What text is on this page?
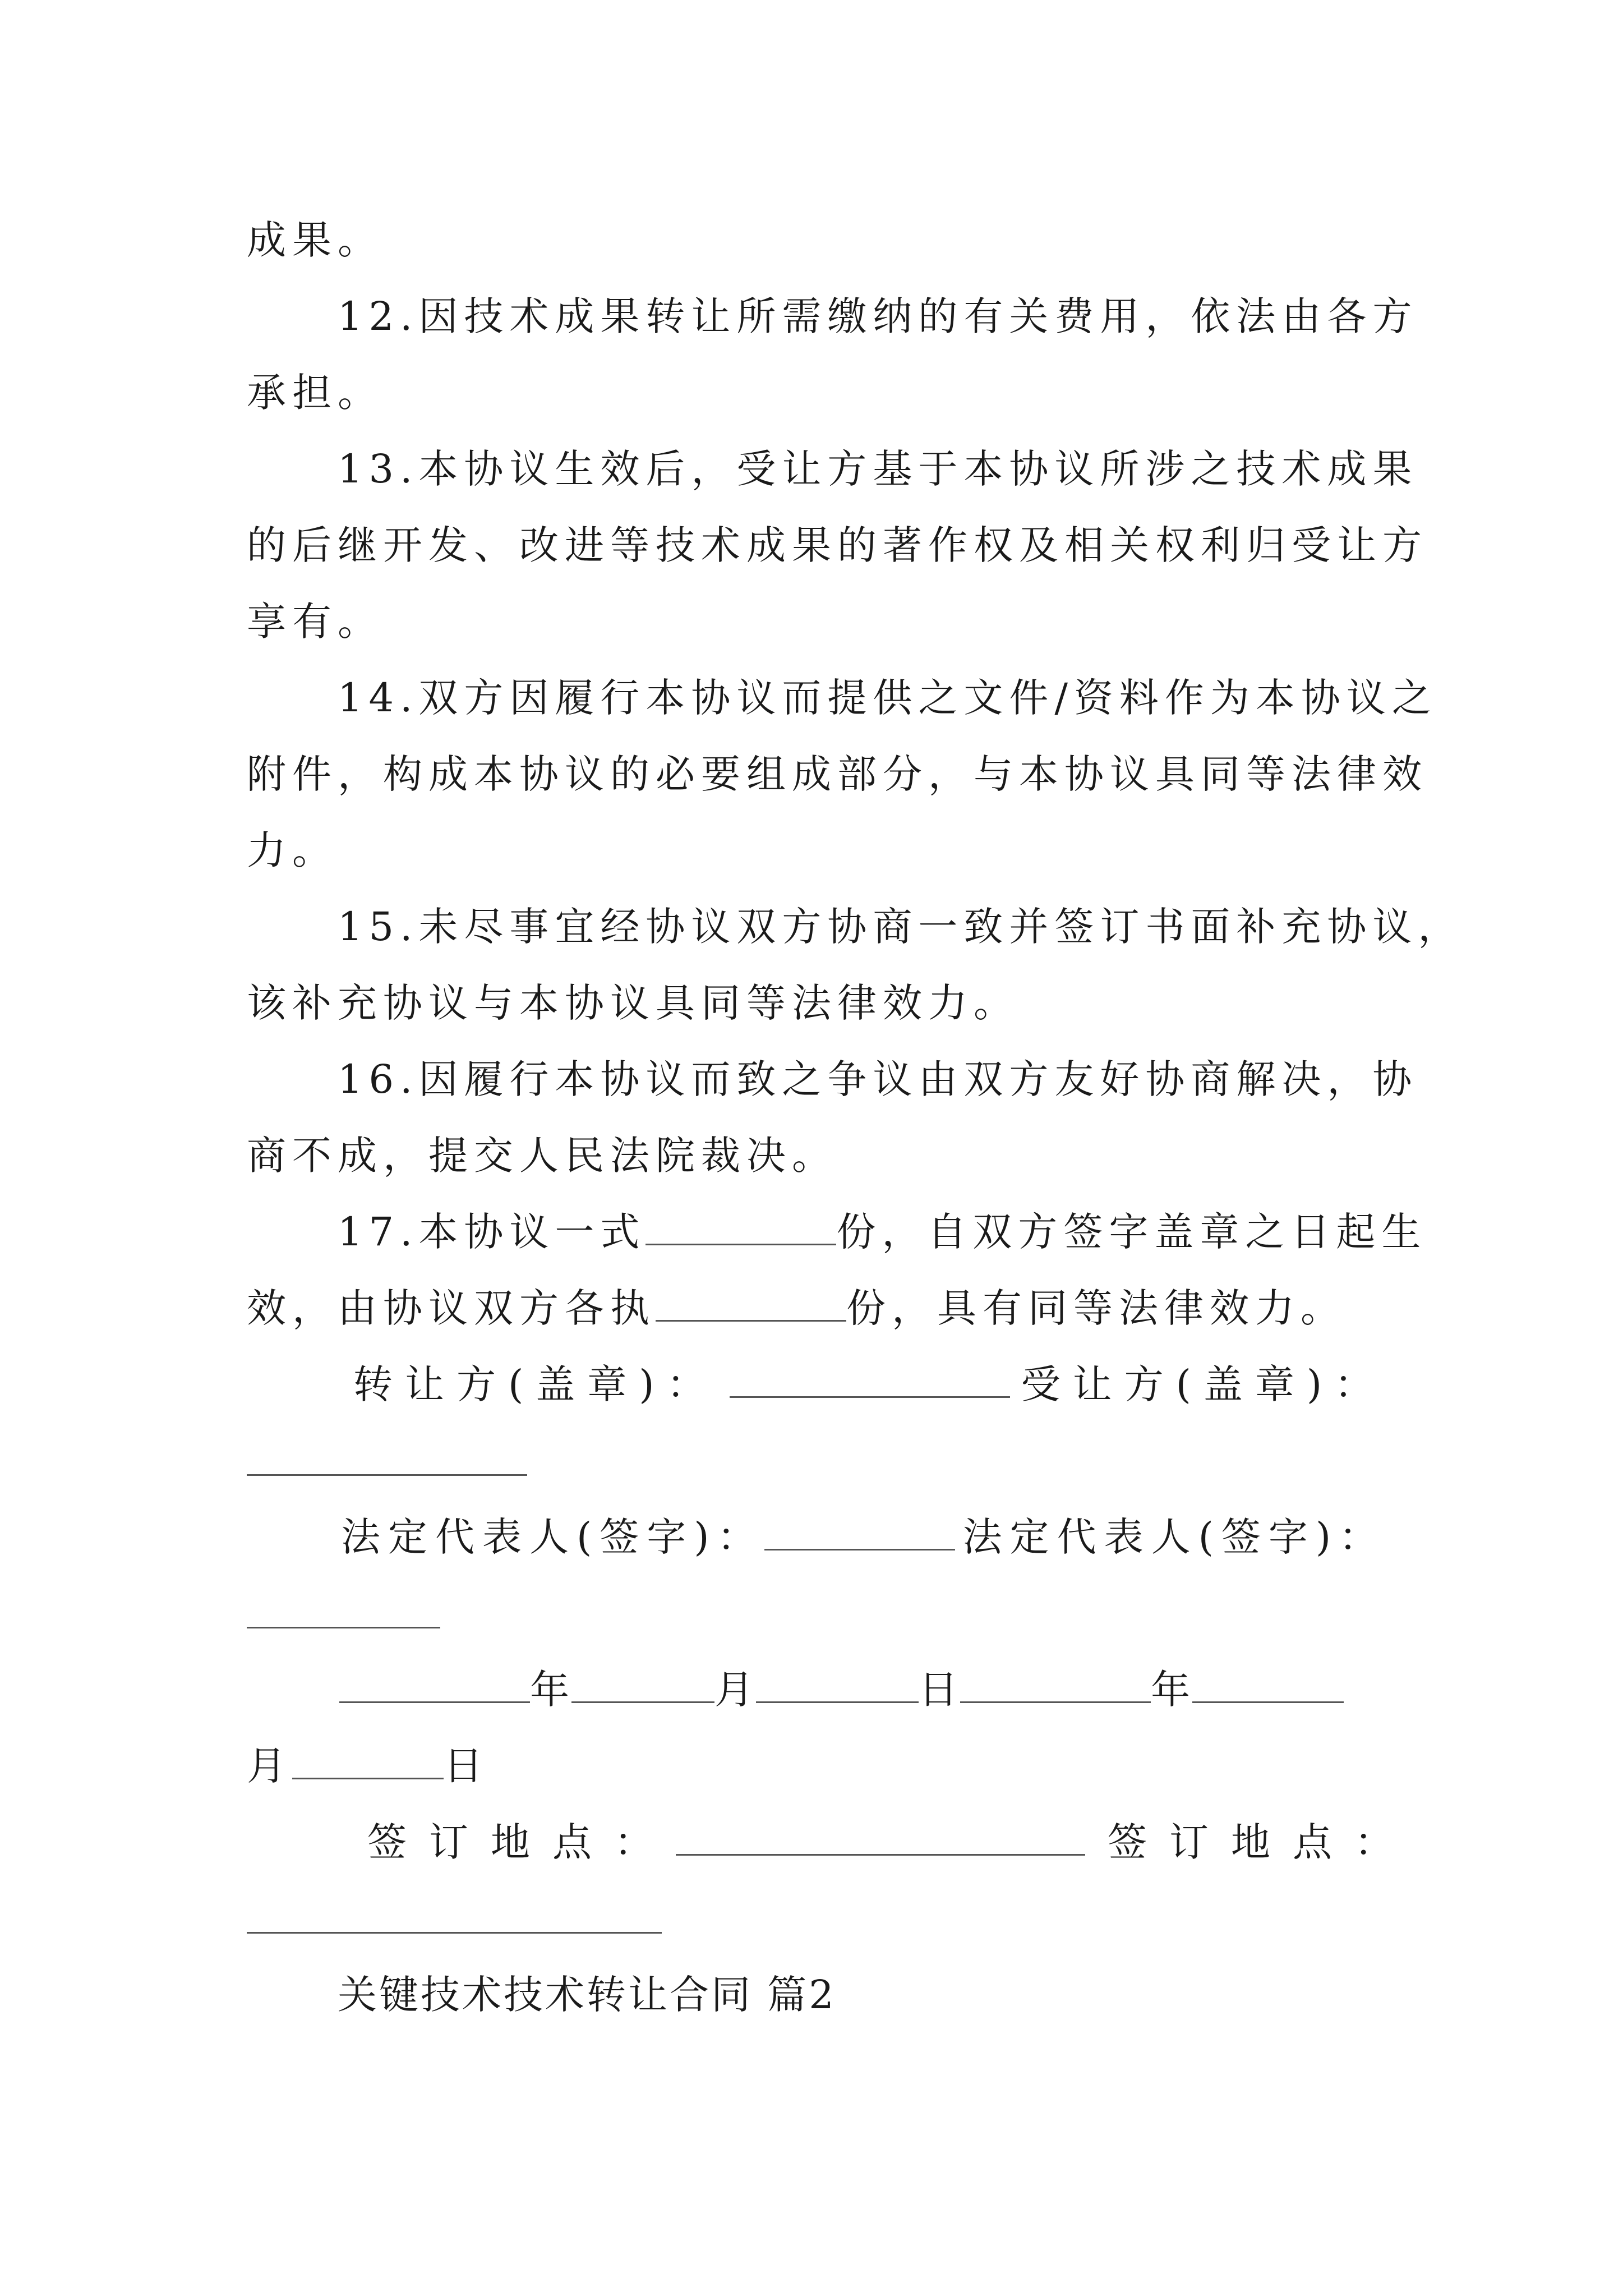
成果。
12.因技术成果转让所需缴纳的有关费用，依法由各方
承担。
13.本协议生效后，受让方基于本协议所涉之技术成果
的后继开发、改进等技术成果的著作权及相关权利归受让方
享有。
14.双方因履行本协议而提供之文件/资料作为本协议之
附件，构成本协议的必要组成部分，与本协议具同等法律效
力。
15.未尽事宜经协议双方协商一致并签订书面补充协议，
该补充协议与本协议具同等法律效力。
16.因履行本协议而致之争议由双方友好协商解决，协
商不成，提交人民法院裁决。
17.本协议一式	份，自双方签字盖章之日起生
效，由协议双方各执	份，具有同等法律效力。
转让方(盖章)：	受让方(盖章)：
法定代表人(签字)：	法定代表人(签字)：
年	月	日	年
月	日
签订地点：	签订地点：
关键技术技术转让合同 篇2
